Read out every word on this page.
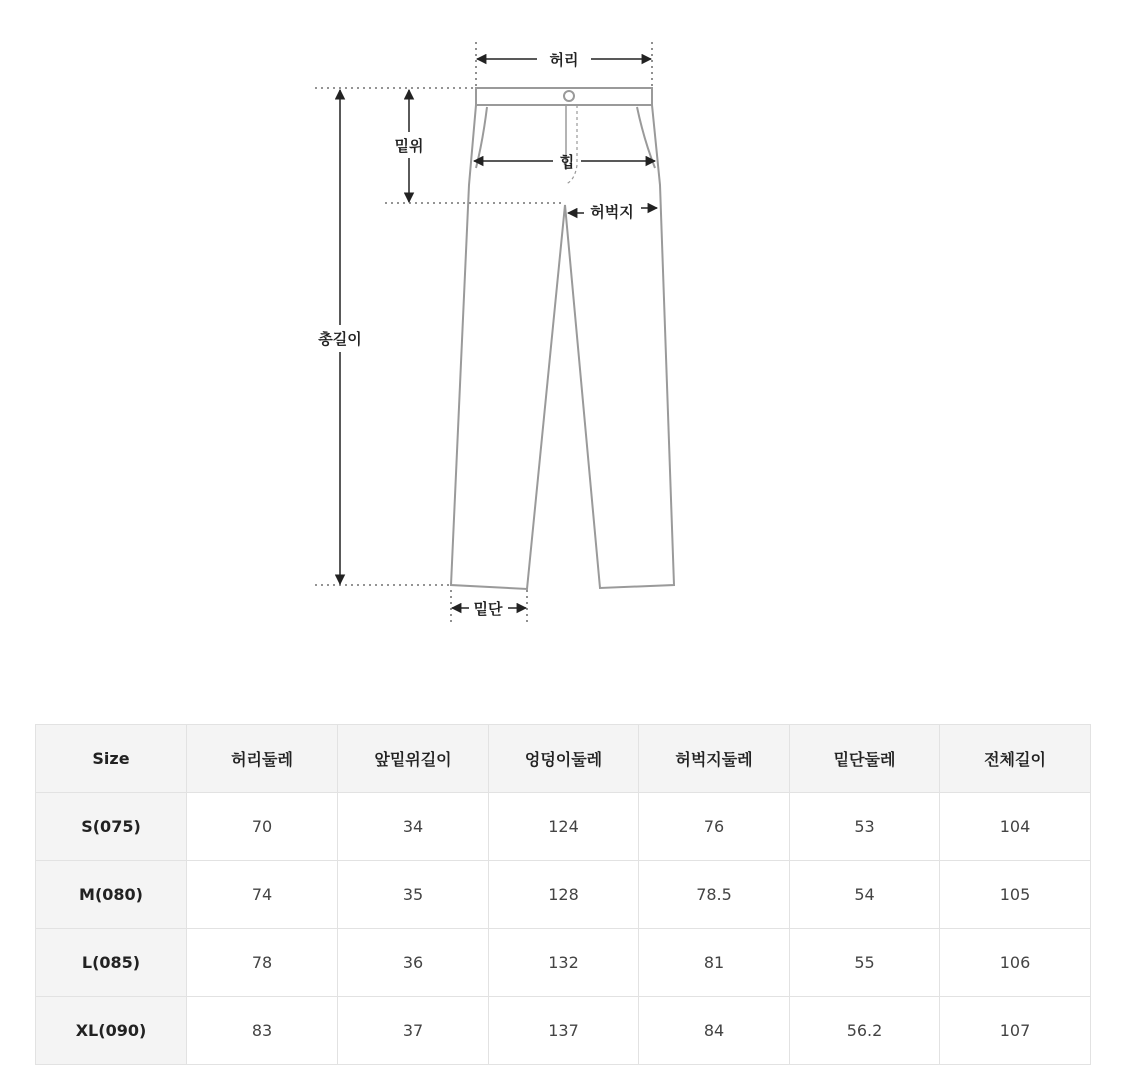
허리
밑위
힙
허벅지
총길이
밑단
Size	허리둘레	앞밑위길이	엉덩이둘레	허벅지둘레	밑단둘레	전체길이
S(075)	70	34	124	76	53	104
M(080)	74	35	128	78.5	54	105
L(085)	78	36	132	81	55	106
XL(090)	83	37	137	84	56.2	107
